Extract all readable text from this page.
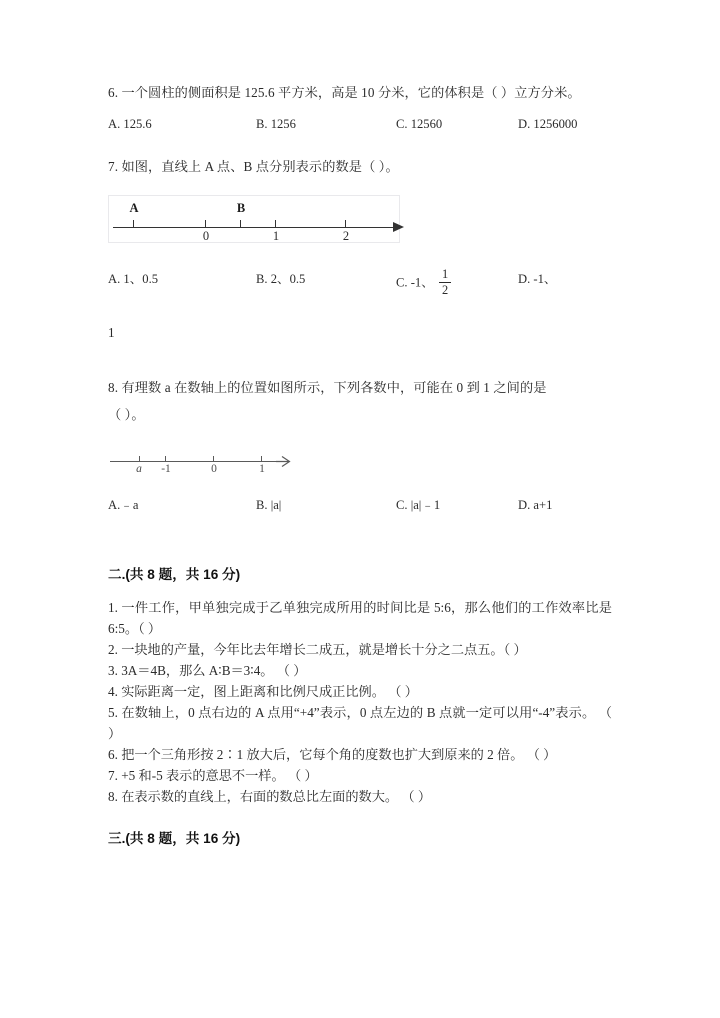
6. 一个圆柱的侧面积是 125.6 平方米，高是 10 分米，它的体积是（ ）立方分米。
A. 125.6	B. 1256	C. 12560	D. 1256000
7. 如图，直线上 A 点、B 点分别表示的数是（ ）。
A	B
0	1	2
A. 1、0.5	B. 2、0.5	C. -1、 $\frac{1}{2}$	D. -1、
1
8. 有理数 a 在数轴上的位置如图所示，下列各数中，可能在 0 到 1 之间的是
（ ）。
a -1	0	1
A.﹣a	B. |a|	C. |a|﹣1	D. a+1
二.(共 8 题，共 16 分)
1. 一件工作，甲单独完成于乙单独完成所用的时间比是 5:6，那么他们的工作效率比是 6:5。（ ）
2. 一块地的产量，今年比去年增长二成五，就是增长十分之二点五。（ ）
3. 3A＝4B，那么 A∶B＝3∶4。 （ ）
4. 实际距离一定，图上距离和比例尺成正比例。 （ ）
5. 在数轴上，0 点右边的 A 点用“+4”表示，0 点左边的 B 点就一定可以用“-4”表示。 （ ）
6. 把一个三角形按 2∶1 放大后，它每个角的度数也扩大到原来的 2 倍。 （ ）
7. +5 和-5 表示的意思不一样。 （ ）
8. 在表示数的直线上，右面的数总比左面的数大。 （ ）
三.(共 8 题，共 16 分)
